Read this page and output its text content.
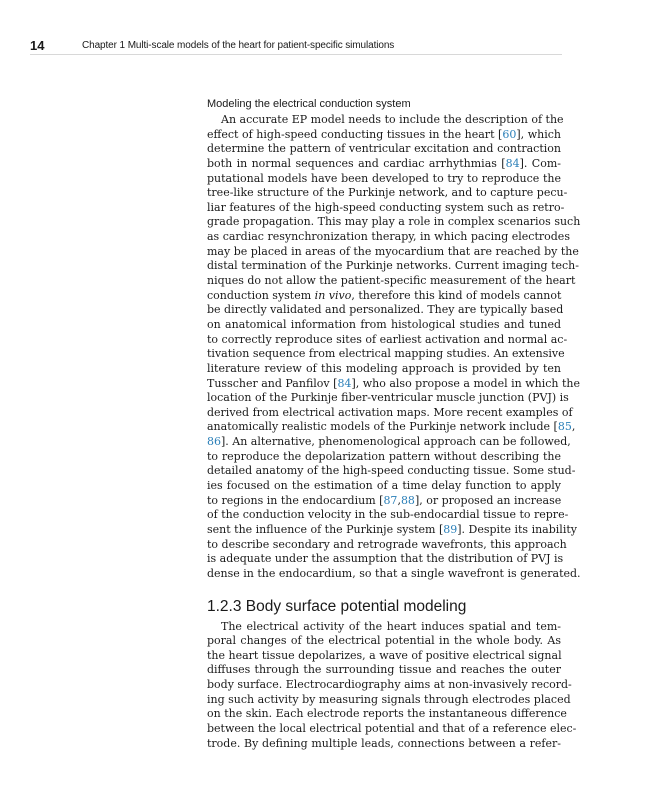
14	Chapter 1 Multi-scale models of the heart for patient-specific simulations
Modeling the electrical conduction system
An accurate EP model needs to include the description of the
effect of high-speed conducting tissues in the heart [60], which
determine the pattern of ventricular excitation and contraction
both in normal sequences and cardiac arrhythmias [84]. Com-
putational models have been developed to try to reproduce the
tree-like structure of the Purkinje network, and to capture pecu-
liar features of the high-speed conducting system such as retro-
grade propagation. This may play a role in complex scenarios such
as cardiac resynchronization therapy, in which pacing electrodes
may be placed in areas of the myocardium that are reached by the
distal termination of the Purkinje networks. Current imaging tech-
niques do not allow the patient-specific measurement of the heart
conduction system in vivo, therefore this kind of models cannot
be directly validated and personalized. They are typically based
on anatomical information from histological studies and tuned
to correctly reproduce sites of earliest activation and normal ac-
tivation sequence from electrical mapping studies. An extensive
literature review of this modeling approach is provided by ten
Tusscher and Panfilov [84], who also propose a model in which the
location of the Purkinje fiber-ventricular muscle junction (PVJ) is
derived from electrical activation maps. More recent examples of
anatomically realistic models of the Purkinje network include [85,
86]. An alternative, phenomenological approach can be followed,
to reproduce the depolarization pattern without describing the
detailed anatomy of the high-speed conducting tissue. Some stud-
ies focused on the estimation of a time delay function to apply
to regions in the endocardium [87,88], or proposed an increase
of the conduction velocity in the sub-endocardial tissue to repre-
sent the influence of the Purkinje system [89]. Despite its inability
to describe secondary and retrograde wavefronts, this approach
is adequate under the assumption that the distribution of PVJ is
dense in the endocardium, so that a single wavefront is generated.
1.2.3 Body surface potential modeling
The electrical activity of the heart induces spatial and tem-
poral changes of the electrical potential in the whole body. As
the heart tissue depolarizes, a wave of positive electrical signal
diffuses through the surrounding tissue and reaches the outer
body surface. Electrocardiography aims at non-invasively record-
ing such activity by measuring signals through electrodes placed
on the skin. Each electrode reports the instantaneous difference
between the local electrical potential and that of a reference elec-
trode. By defining multiple leads, connections between a refer-
